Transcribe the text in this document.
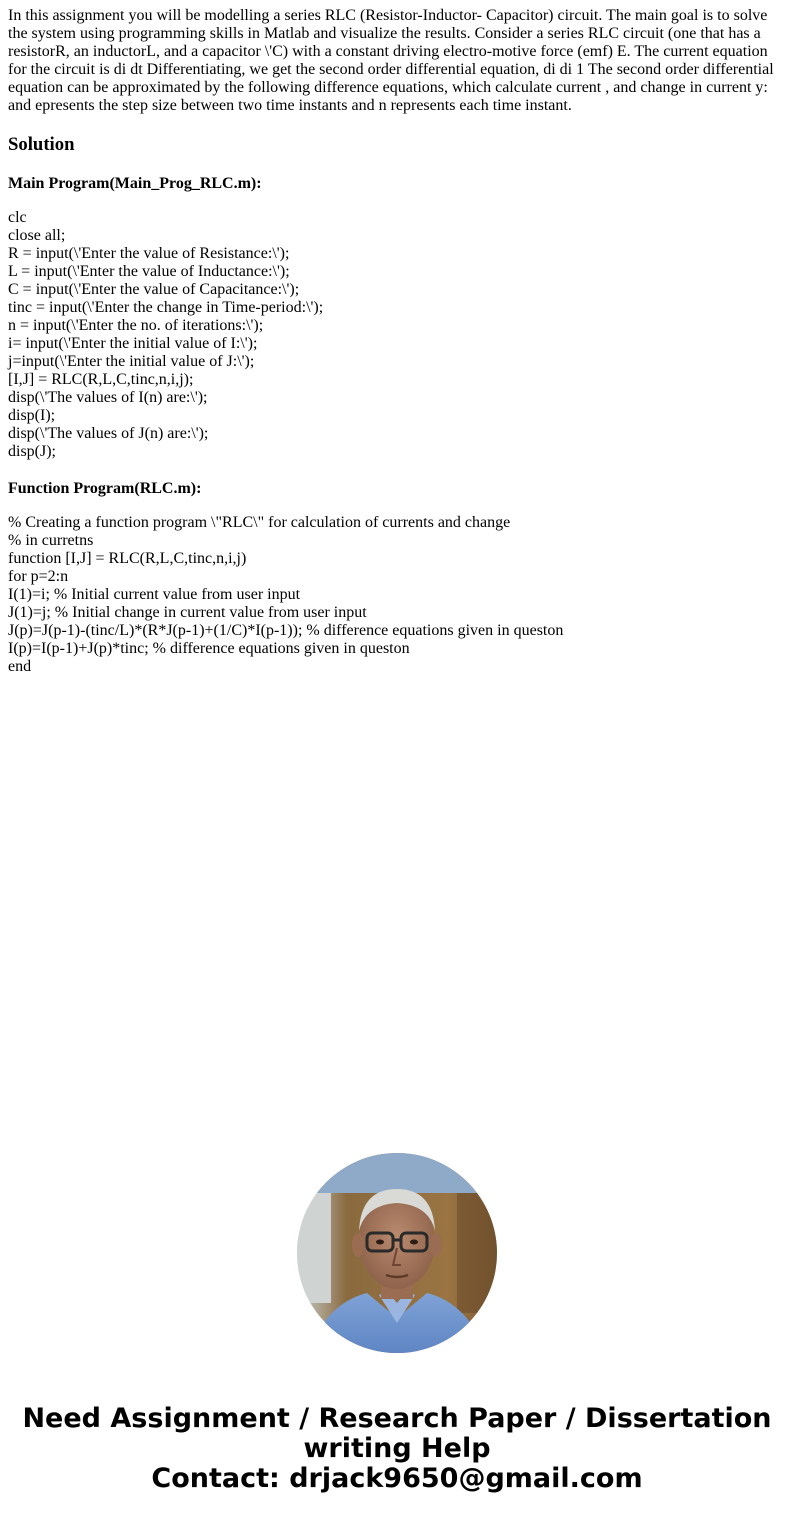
In this assignment you will be modelling a series RLC (Resistor-Inductor- Capacitor) circuit. The main goal is to solve the system using programming skills in Matlab and visualize the results. Consider a series RLC circuit (one that has a resistorR, an inductorL, and a capacitor \'C) with a constant driving electro-motive force (emf) E. The current equation for the circuit is di dt Differentiating, we get the second order differential equation, di di 1 The second order differential equation can be approximated by the following difference equations, which calculate current , and change in current y: and epresents the step size between two time instants and n represents each time instant.

Solution
Main Program(Main_Prog_RLC.m):
clc
close all;
R = input(\'Enter the value of Resistance:\');
L = input(\'Enter the value of Inductance:\');
C = input(\'Enter the value of Capacitance:\');
tinc = input(\'Enter the change in Time-period:\');
n = input(\'Enter the no. of iterations:\');
i= input(\'Enter the initial value of I:\');
j=input(\'Enter the initial value of J:\');
[I,J] = RLC(R,L,C,tinc,n,i,j);
disp(\'The values of I(n) are:\');
disp(I);
disp(\'The values of J(n) are:\');
disp(J);
Function Program(RLC.m):
% Creating a function program \"RLC\" for calculation of currents and change
% in curretns
function [I,J] = RLC(R,L,C,tinc,n,i,j)
for p=2:n
I(1)=i; % Initial current value from user input
J(1)=j; % Initial change in current value from user input
J(p)=J(p-1)-(tinc/L)*(R*J(p-1)+(1/C)*I(p-1)); % difference equations given in queston
I(p)=I(p-1)+J(p)*tinc; % difference equations given in queston
end
Need Assignment / Research Paper / Dissertation
writing Help
Contact: drjack9650@gmail.com
